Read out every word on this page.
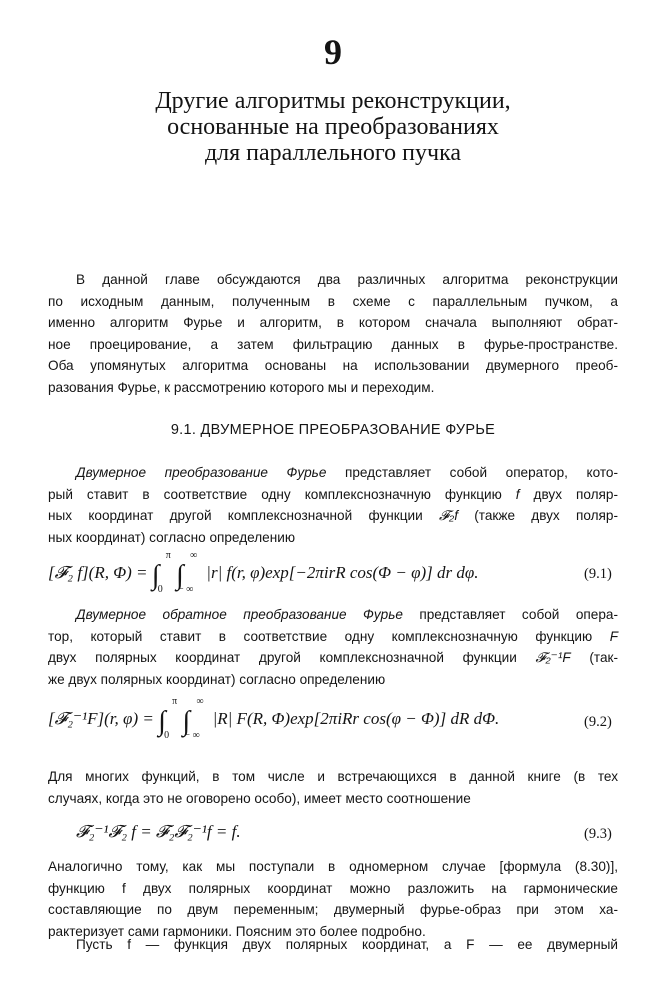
9
Другие алгоритмы реконструкции,
основанные на преобразованиях
для параллельного пучка
В данной главе обсуждаются два различных алгоритма реконструкции
по исходным данным, полученным в схеме с параллельным пучком, а
именно алгоритм Фурье и алгоритм, в котором сначала выполняют обрат-
ное проецирование, а затем фильтрацию данных в фурье-пространстве.
Оба упомянутых алгоритма основаны на использовании двумерного преоб-
разования Фурье, к рассмотрению которого мы и переходим.
9.1. ДВУМЕРНОЕ ПРЕОБРАЗОВАНИЕ ФУРЬЕ
Двумерное преобразование Фурье представляет собой оператор, кото-
рый ставит в соответствие одну комплекснозначную функцию f двух поляр-
ных координат другой комплекснозначной функции 𝓕₂f (также двух поляр-
ных координат) согласно определению
[𝓕₂ f](R, Φ) = ∫
π
0 ∫
∞
− ∞
|r| f(r, φ)exp[−2πirR cos(Φ − φ)] dr dφ.	(9.1)
Двумерное обратное преобразование Фурье представляет собой опера-
тор, который ставит в соответствие одну комплекснозначную функцию F
двух полярных координат другой комплекснозначной функции 𝓕₂⁻¹F (так-
же двух полярных координат) согласно определению
[𝓕₂⁻¹F](r, φ) = ∫
π
0 ∫
∞
− ∞
|R| F(R, Φ)exp[2πiRr cos(φ − Φ)] dR dΦ.	(9.2)
Для многих функций, в том числе и встречающихся в данной книге (в тех
случаях, когда это не оговорено особо), имеет место соотношение
𝓕₂⁻¹𝓕₂ f = 𝓕₂𝓕₂⁻¹f = f.	(9.3)
Аналогично тому, как мы поступали в одномерном случае [формула (8.30)],
функцию f двух полярных координат можно разложить на гармонические
составляющие по двум переменным; двумерный фурье-образ при этом ха-
рактеризует сами гармоники. Поясним это более подробно.
Пусть f — функция двух полярных координат, а F — ее двумерный
